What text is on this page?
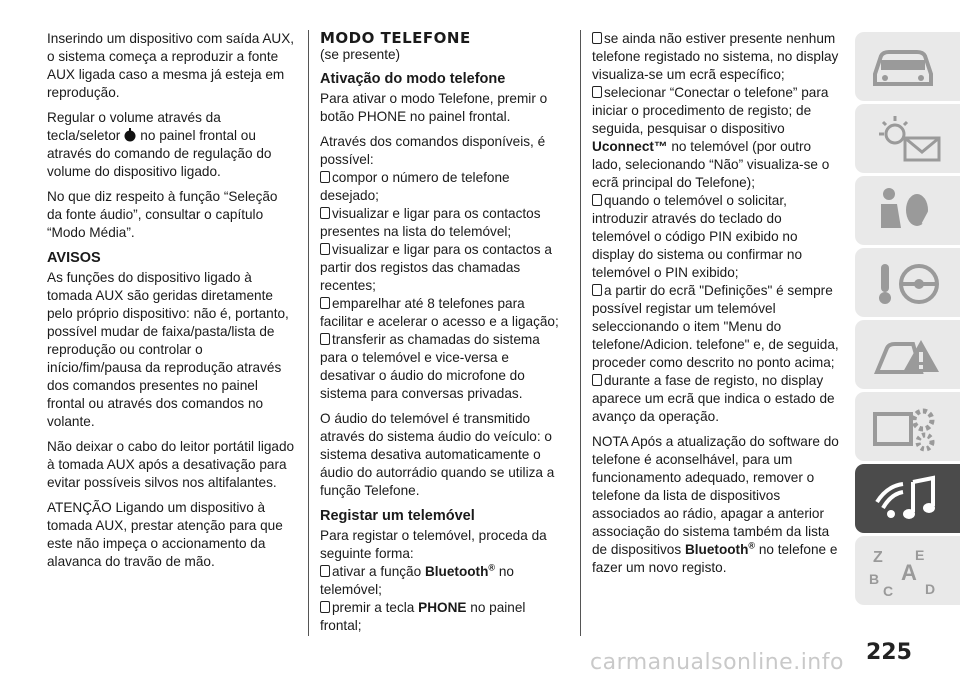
Inserindo um dispositivo com saída AUX, o sistema começa a reproduzir a fonte AUX ligada caso a mesma já esteja em reprodução.

Regular o volume através da tecla/seletor no painel frontal ou através do comando de regulação do volume do dispositivo ligado.

No que diz respeito à função “Seleção da fonte áudio”, consultar o capítulo “Modo Média”.

AVISOS

As funções do dispositivo ligado à tomada AUX são geridas diretamente pelo próprio dispositivo: não é, portanto, possível mudar de faixa/pasta/lista de reprodução ou controlar o início/fim/pausa da reprodução através dos comandos presentes no painel frontal ou através dos comandos no volante.

Não deixar o cabo do leitor portátil ligado à tomada AUX após a desativação para evitar possíveis silvos nos altifalantes.

ATENÇÃO Ligando um dispositivo à tomada AUX, prestar atenção para que este não impeça o accionamento da alavanca do travão de mão.

MODO TELEFONE
(se presente)
Ativação do modo telefone

Para ativar o modo Telefone, premir o botão PHONE no painel frontal.

Através dos comandos disponíveis, é possível:

compor o número de telefone desejado;
visualizar e ligar para os contactos presentes na lista do telemóvel;
visualizar e ligar para os contactos a partir dos registos das chamadas recentes;
emparelhar até 8 telefones para facilitar e acelerar o acesso e a ligação;
transferir as chamadas do sistema para o telemóvel e vice-versa e desativar o áudio do microfone do sistema para conversas privadas.

O áudio do telemóvel é transmitido através do sistema áudio do veículo: o sistema desativa automaticamente o áudio do autorrádio quando se utiliza a função Telefone.

Registar um telemóvel

Para registar o telemóvel, proceda da seguinte forma:

ativar a função Bluetooth® no telemóvel;
premir a tecla PHONE no painel frontal;
se ainda não estiver presente nenhum telefone registado no sistema, no display visualiza-se um ecrã específico;
selecionar “Conectar o telefone” para iniciar o procedimento de registo; de seguida, pesquisar o dispositivo Uconnect™ no telemóvel (por outro lado, selecionando “Não” visualiza-se o ecrã principal do Telefone);
quando o telemóvel o solicitar, introduzir através do teclado do telemóvel o código PIN exibido no display do sistema ou confirmar no telemóvel o PIN exibido;
a partir do ecrã "Definições" é sempre possível registar um telemóvel seleccionando o item "Menu do telefone/Adicion. telefone" e, de seguida, proceder como descrito no ponto acima;
durante a fase de registo, no display aparece um ecrã que indica o estado de avanço da operação.

NOTA Após a atualização do software do telefone é aconselhável, para um funcionamento adequado, remover o telefone da lista de dispositivos associados ao rádio, apagar a anterior associação do sistema também da lista de dispositivos Bluetooth® no telefone e fazer um novo registo.

Z E
B A
C D
225
carmanualsonline.info
